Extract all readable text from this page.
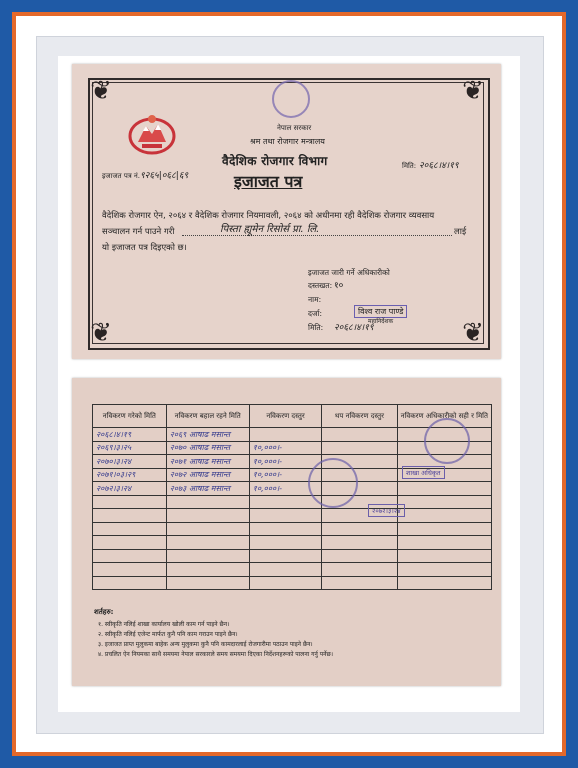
❦	❦
❦	❦
नेपाल सरकार
श्रम तथा रोजगार मन्त्रालय
वैदेशिक रोजगार विभाग
इजाजत पत्र
इजाजत पत्र नं. ९२६५|०६८|६९
मिति: २०६८।४।१९
वैदेशिक रोजगार ऐन, २०६४ र वैदेशिक रोजगार नियमावली, २०६४ को अधीनमा रही वैदेशिक रोजगार व्यवसाय
सञ्चालन गर्न पाउने गरी	पिस्ता ह्यूमेन रिसोर्स प्रा. लि.	लाई
यो इजाजत पत्र दिइएको छ।
इजाजत जारी गर्ने अधिकारीको
दस्तखत: १०
नाम:
विश्व राज पाण्डे
महानिर्देशक
दर्जा:
मिति: २०६८।४।१९
नविकरण गरेको मिति	नविकरण बहाल रहने मिति	नविकरण दस्तुर	थप नविकरण दस्तुर	नविकरण अधिकारीको सही र मिति
२०६८।४।१९	२०६९ आषाढ मसान्त			
२०६९।३।२५	२०७० आषाढ मसान्त	१०,०००।-		
२०७०।३।२४	२०७१ आषाढ मसान्त	१०,०००।-		
२०७१।०३।२९	२०७२ आषाढ मसान्त	१०,०००।-		
२०७२।३।२४	२०७३ आषाढ मसान्त	१०,०००।-		

शाखा अधिकृत
२०७२।३।२४
शर्तहरु:
१. स्वीकृति नलिई शाखा कार्यालय खोली काम गर्न पाइने छैन।
२. स्वीकृति नलिई एजेन्ट मार्फत कुनै पनि काम गराउन पाइने छैन।
३. इजाजत प्राप्त मुलुकमा बाहेक अन्य मुलुकमा कुनै पनि कामदारलाई रोजगारीमा पठाउन पाइने छैन।
४. प्रचलित ऐन नियमका साथै समयमा नेपाल सरकारले समय समयमा दिएका निर्देशनहरूको पालना गर्नु पर्नेछ।
